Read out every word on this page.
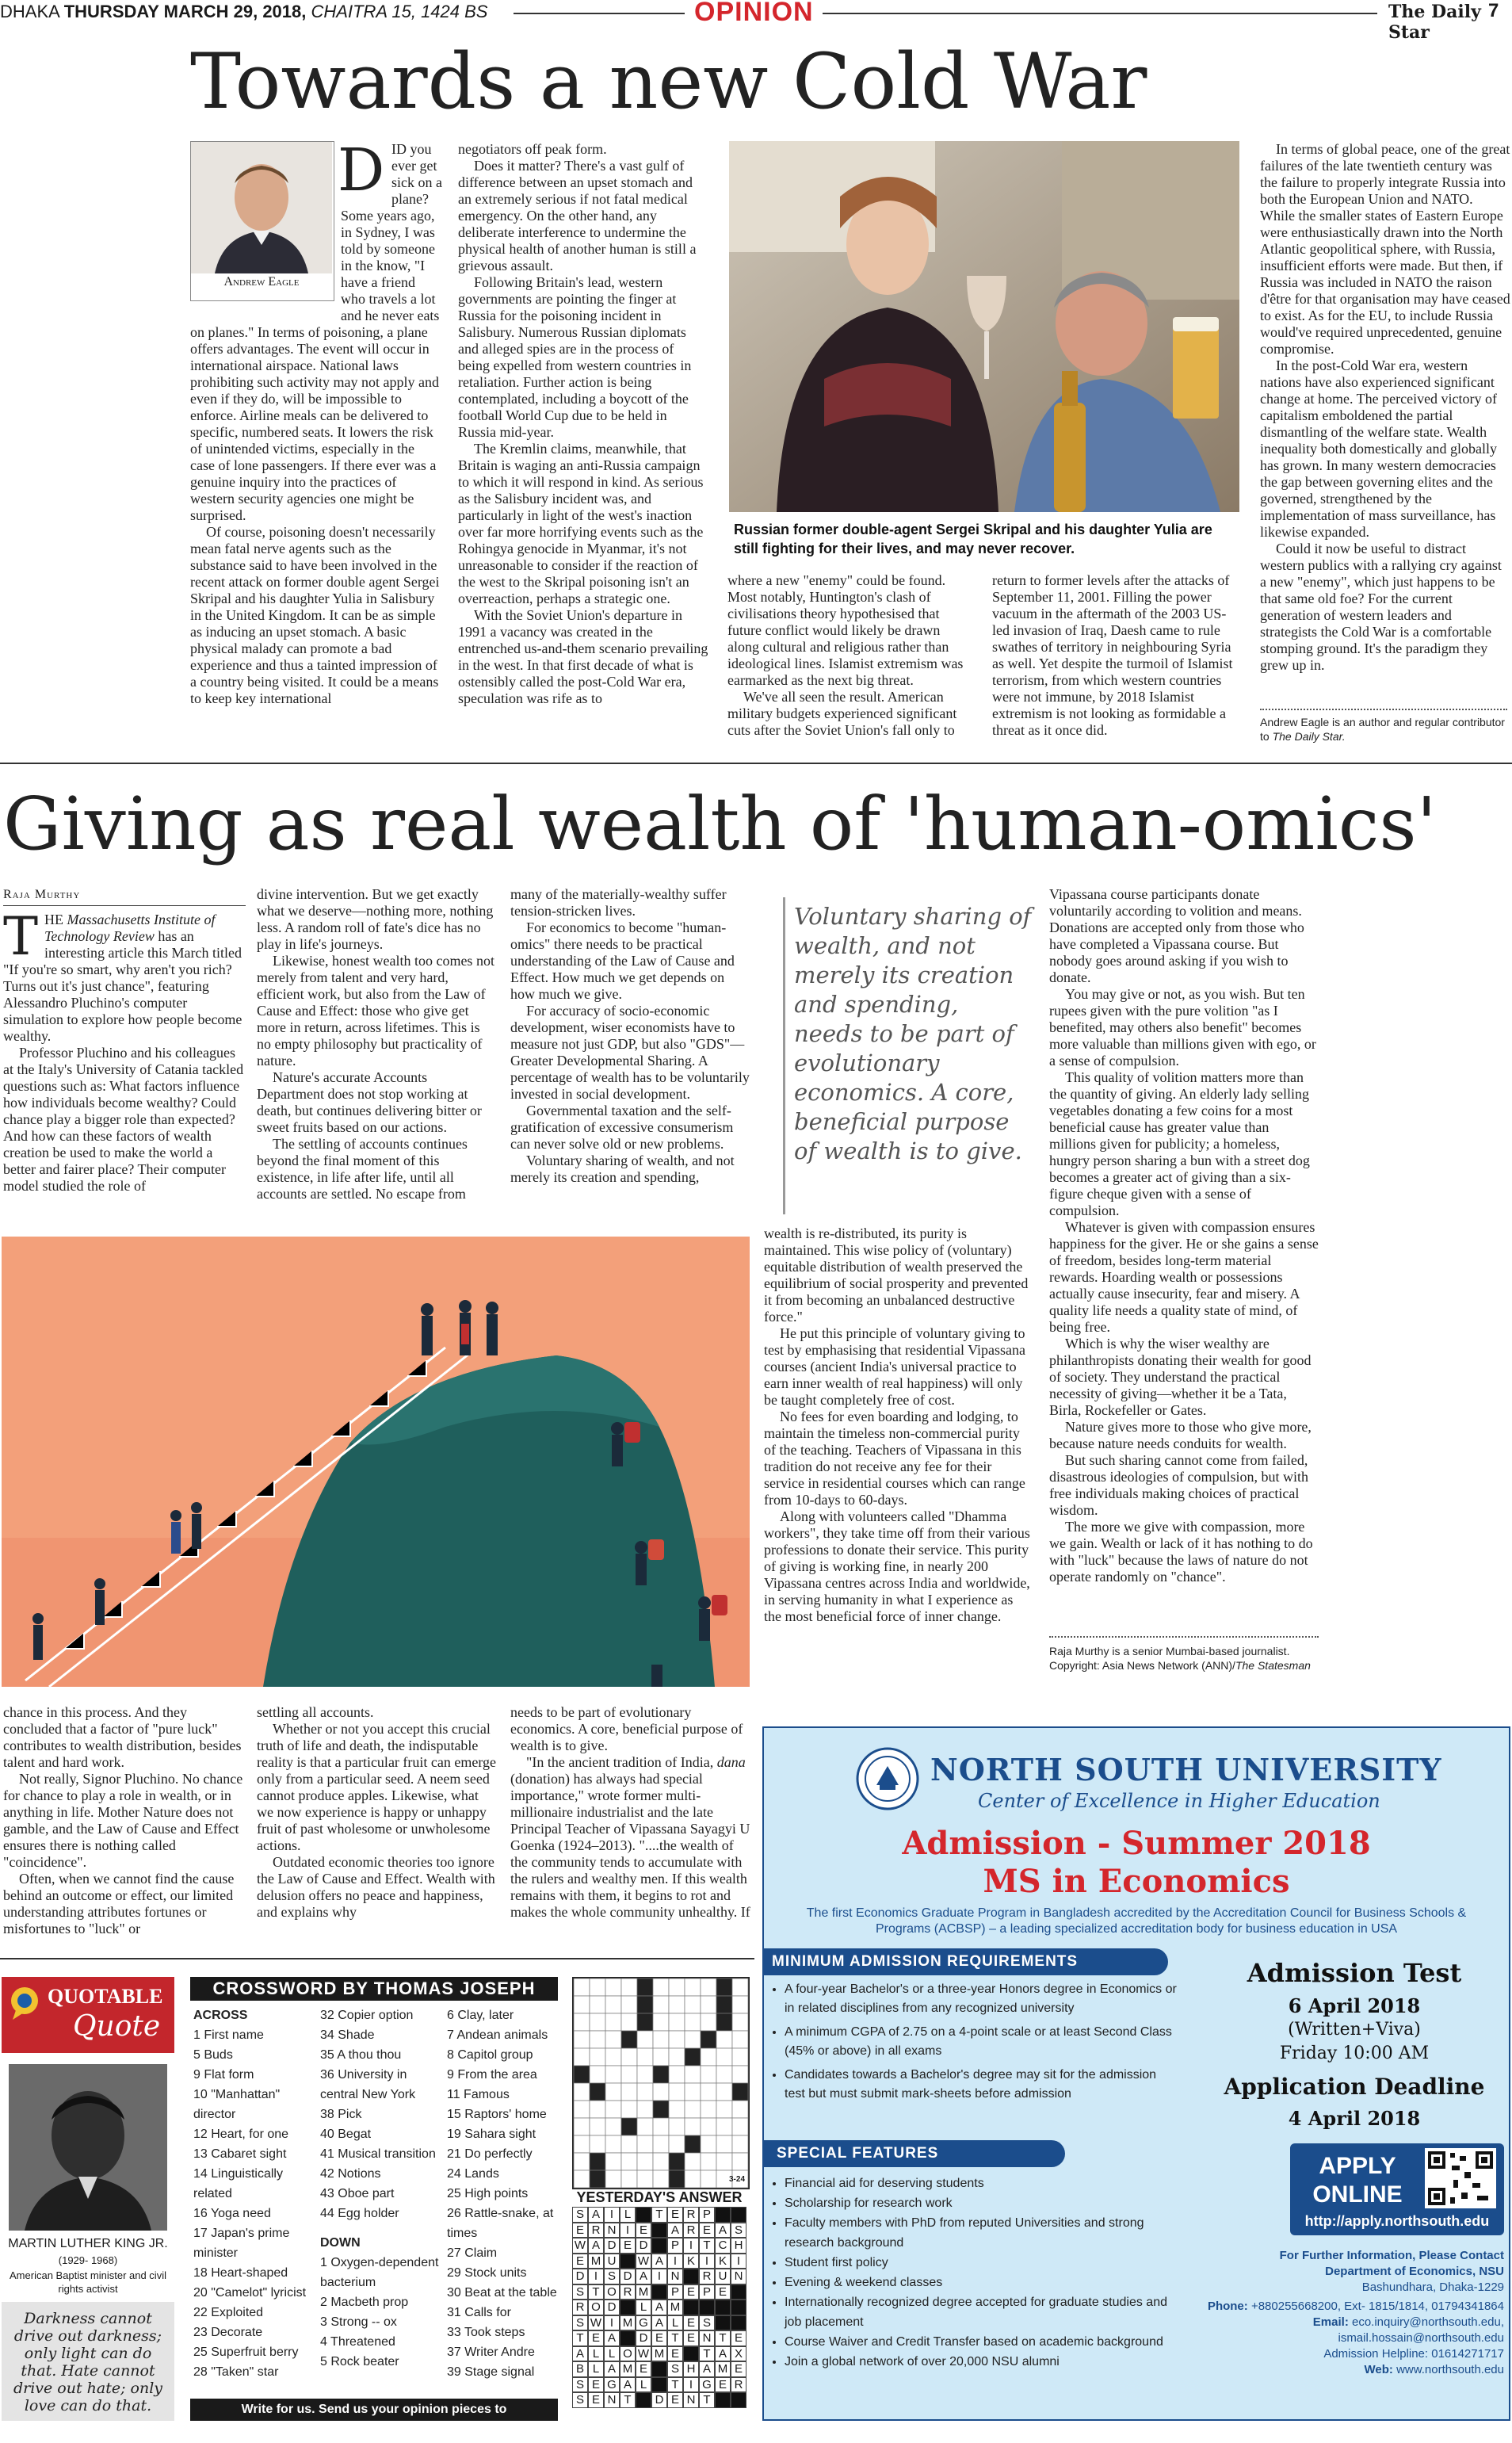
DHAKA THURSDAY MARCH 29, 2018, CHAITRA 15, 1424 BS	OPINION	The Daily Star
7
Towards a new Cold War
Andrew Eagle
D ID you ever get sick on a plane? Some years ago, in Sydney, I was told by someone in the know, "I have a friend who travels a lot and he never eats on planes." In terms of poisoning, a plane offers advantages. The event will occur in international airspace. National laws prohibiting such activity may not apply and even if they do, will be impossible to enforce. Airline meals can be delivered to specific, numbered seats. It lowers the risk of unintended victims, especially in the case of lone passengers. If there ever was a genuine inquiry into the practices of western security agencies one might be surprised.

Of course, poisoning doesn't necessarily mean fatal nerve agents such as the substance said to have been involved in the recent attack on former double agent Sergei Skripal and his daughter Yulia in Salisbury in the United Kingdom. It can be as simple as inducing an upset stomach. A basic physical malady can promote a bad experience and thus a tainted impression of a country being visited. It could be a means to keep key international

negotiators off peak form.

Does it matter? There's a vast gulf of difference between an upset stomach and an extremely serious if not fatal medical emergency. On the other hand, any deliberate interference to undermine the physical health of another human is still a grievous assault.

Following Britain's lead, western governments are pointing the finger at Russia for the poisoning incident in Salisbury. Numerous Russian diplomats and alleged spies are in the process of being expelled from western countries in retaliation. Further action is being contemplated, including a boycott of the football World Cup due to be held in Russia mid-year.

The Kremlin claims, meanwhile, that Britain is waging an anti-Russia campaign to which it will respond in kind. As serious as the Salisbury incident was, and particularly in light of the west's inaction over far more horrifying events such as the Rohingya genocide in Myanmar, it's not unreasonable to consider if the reaction of the west to the Skripal poisoning isn't an overreaction, perhaps a strategic one.

With the Soviet Union's departure in 1991 a vacancy was created in the entrenched us-and-them scenario prevailing in the west. In that first decade of what is ostensibly called the post-Cold War era, speculation was rife as to

Russian former double-agent Sergei Skripal and his daughter Yulia are still fighting for their lives, and may never recover.

where a new "enemy" could be found. Most notably, Huntington's clash of civilisations theory hypothesised that future conflict would likely be drawn along cultural and religious rather than ideological lines. Islamist extremism was earmarked as the next big threat.

We've all seen the result. American military budgets experienced significant cuts after the Soviet Union's fall only to

return to former levels after the attacks of September 11, 2001. Filling the power vacuum in the aftermath of the 2003 US-led invasion of Iraq, Daesh came to rule swathes of territory in neighbouring Syria as well. Yet despite the turmoil of Islamist terrorism, from which western countries were not immune, by 2018 Islamist extremism is not looking as formidable a threat as it once did.

In terms of global peace, one of the great failures of the late twentieth century was the failure to properly integrate Russia into both the European Union and NATO. While the smaller states of Eastern Europe were enthusiastically drawn into the North Atlantic geopolitical sphere, with Russia, insufficient efforts were made. But then, if Russia was included in NATO the raison d'être for that organisation may have ceased to exist. As for the EU, to include Russia would've required unprecedented, genuine compromise.

In the post-Cold War era, western nations have also experienced significant change at home. The perceived victory of capitalism emboldened the partial dismantling of the welfare state. Wealth inequality both domestically and globally has grown. In many western democracies the gap between governing elites and the governed, strengthened by the implementation of mass surveillance, has likewise expanded.

Could it now be useful to distract western publics with a rallying cry against a new "enemy", which just happens to be that same old foe? For the current generation of western leaders and strategists the Cold War is a comfortable stomping ground. It's the paradigm they grew up in.

Andrew Eagle is an author and regular contributor to The Daily Star.
Giving as real wealth of 'human-omics'
Raja Murthy
T HE Massachusetts Institute of Technology Review has an interesting article this March titled "If you're so smart, why aren't you rich? Turns out it's just chance", featuring Alessandro Pluchino's computer simulation to explore how people become wealthy.

Professor Pluchino and his colleagues at the Italy's University of Catania tackled questions such as: What factors influence how individuals become wealthy? Could chance play a bigger role than expected? And how can these factors of wealth creation be used to make the world a better and fairer place? Their computer model studied the role of

divine intervention. But we get exactly what we deserve—nothing more, nothing less. A random roll of fate's dice has no play in life's journeys.

Likewise, honest wealth too comes not merely from talent and very hard, efficient work, but also from the Law of Cause and Effect: those who give get more in return, across lifetimes. This is no empty philosophy but practicality of nature.

Nature's accurate Accounts Department does not stop working at death, but continues delivering bitter or sweet fruits based on our actions.

The settling of accounts continues beyond the final moment of this existence, in life after life, until all accounts are settled. No escape from

many of the materially-wealthy suffer tension-stricken lives.

For economics to become "human-omics" there needs to be practical understanding of the Law of Cause and Effect. How much we get depends on how much we give.

For accuracy of socio-economic development, wiser economists have to measure not just GDP, but also "GDS"—Greater Developmental Sharing. A percentage of wealth has to be voluntarily invested in social development.

Governmental taxation and the self-gratification of excessive consumerism can never solve old or new problems.

Voluntary sharing of wealth, and not merely its creation and spending,

Voluntary sharing of wealth, and not merely its creation and spending, needs to be part of evolutionary economics. A core, beneficial purpose of wealth is to give.

wealth is re-distributed, its purity is maintained. This wise policy of (voluntary) equitable distribution of wealth preserved the equilibrium of social prosperity and prevented it from becoming an unbalanced destructive force."

He put this principle of voluntary giving to test by emphasising that residential Vipassana courses (ancient India's universal practice to earn inner wealth of real happiness) will only be taught completely free of cost.

No fees for even boarding and lodging, to maintain the timeless non-commercial purity of the teaching. Teachers of Vipassana in this tradition do not receive any fee for their service in residential courses which can range from 10-days to 60-days.

Along with volunteers called "Dhamma workers", they take time off from their various professions to donate their service. This purity of giving is working fine, in nearly 200 Vipassana centres across India and worldwide, in serving humanity in what I experience as the most beneficial force of inner change.

Vipassana course participants donate voluntarily according to volition and means. Donations are accepted only from those who have completed a Vipassana course. But nobody goes around asking if you wish to donate.

You may give or not, as you wish. But ten rupees given with the pure volition "as I benefited, may others also benefit" becomes more valuable than millions given with ego, or a sense of compulsion.

This quality of volition matters more than the quantity of giving. An elderly lady selling vegetables donating a few coins for a most beneficial cause has greater value than millions given for publicity; a homeless, hungry person sharing a bun with a street dog becomes a greater act of giving than a six-figure cheque given with a sense of compulsion.

Whatever is given with compassion ensures happiness for the giver. He or she gains a sense of freedom, besides long-term material rewards. Hoarding wealth or possessions actually cause insecurity, fear and misery. A quality life needs a quality state of mind, of being free.

Which is why the wiser wealthy are philanthropists donating their wealth for good of society. They understand the practical necessity of giving—whether it be a Tata, Birla, Rockefeller or Gates.

Nature gives more to those who give more, because nature needs conduits for wealth.

But such sharing cannot come from failed, disastrous ideologies of compulsion, but with free individuals making choices of practical wisdom.

The more we give with compassion, more we gain. Wealth or lack of it has nothing to do with "luck" because the laws of nature do not operate randomly on "chance".

Raja Murthy is a senior Mumbai-based journalist.
Copyright: Asia News Network (ANN)/The Statesman

chance in this process. And they concluded that a factor of "pure luck" contributes to wealth distribution, besides talent and hard work.

Not really, Signor Pluchino. No chance for chance to play a role in wealth, or in anything in life. Mother Nature does not gamble, and the Law of Cause and Effect ensures there is nothing called "coincidence".

Often, when we cannot find the cause behind an outcome or effect, our limited understanding attributes fortunes or misfortunes to "luck" or

settling all accounts.

Whether or not you accept this crucial truth of life and death, the indisputable reality is that a particular fruit can emerge only from a particular seed. A neem seed cannot produce apples. Likewise, what we now experience is happy or unhappy fruit of past wholesome or unwholesome actions.

Outdated economic theories too ignore the Law of Cause and Effect. Wealth with delusion offers no peace and happiness, and explains why

needs to be part of evolutionary economics. A core, beneficial purpose of wealth is to give.

"In the ancient tradition of India, dana (donation) has always had special importance," wrote former multi-millionaire industrialist and the late Principal Teacher of Vipassana Sayagyi U Goenka (1924–2013). "....the wealth of the community tends to accumulate with the rulers and wealthy men. If this wealth remains with them, it begins to rot and makes the whole community unhealthy. If

QUOTABLE
Quote
MARTIN LUTHER KING JR.
(1929- 1968)
American Baptist minister and civil rights activist
Darkness cannot drive out darkness; only light can do that. Hate cannot drive out hate; only love can do that.
CROSSWORD BY THOMAS JOSEPH
ACROSS
1 First name
5 Buds
9 Flat form
10 "Manhattan" director
12 Heart, for one
13 Cabaret sight
14 Linguistically related
16 Yoga need
17 Japan's prime minister
18 Heart-shaped
20 "Camelot" lyricist
22 Exploited
23 Decorate
25 Superfruit berry
28 "Taken" star
32 Copier option
34 Shade
35 A thou thou
36 University in central New York
38 Pick
40 Begat
41 Musical transition
42 Notions
43 Oboe part
44 Egg holder
DOWN
1 Oxygen-dependent bacterium
2 Macbeth prop
3 Strong -- ox
4 Threatened
5 Rock beater
6 Clay, later
7 Andean animals
8 Capitol group
9 From the area
11 Famous
15 Raptors' home
19 Sahara sight
21 Do perfectly
24 Lands
25 High points
26 Rattle-snake, at times
27 Claim
29 Stock units
30 Beat at the table
31 Calls for
33 Took steps
37 Writer Andre
39 Stage signal
3-24
YESTERDAY'S ANSWER
S A I L	T E R P
E R N I E	A R E A S
W A D E D	P I T C H
E M U	W A I K I K I
D I S D A I N	R U N
S T O R M	P E P E
R O D	L A M
S W I M G A L E S
T E A	D E T E N T E
A L L O W M E	T A X
B L A M E	S H A M E
S E G A L	T I G E R
S E N T	D E N T
Write for us. Send us your opinion pieces to dsopinion@gmail.com.
NORTH SOUTH UNIVERSITY
Center of Excellence in Higher Education
Admission - Summer 2018
MS in Economics
The first Economics Graduate Program in Bangladesh accredited by the Accreditation Council for Business Schools & Programs (ACBSP) – a leading specialized accreditation body for business education in USA
MINIMUM ADMISSION REQUIREMENTS
• A four-year Bachelor's or a three-year Honors degree in Economics or in related disciplines from any recognized university
• A minimum CGPA of 2.75 on a 4-point scale or at least Second Class (45% or above) in all exams
• Candidates towards a Bachelor's degree may sit for the admission test but must submit mark-sheets before admission
SPECIAL FEATURES
• Financial aid for deserving students
• Scholarship for research work
• Faculty members with PhD from reputed Universities and strong research background
• Student first policy
• Evening & weekend classes
• Internationally recognized degree accepted for graduate studies and job placement
• Course Waiver and Credit Transfer based on academic background
• Join a global network of over 20,000 NSU alumni
Admission Test
6 April 2018
(Written+Viva)
Friday 10:00 AM
Application Deadline
4 April 2018
APPLY
ONLINE
http://apply.northsouth.edu
For Further Information, Please Contact
Department of Economics, NSU
Bashundhara, Dhaka-1229
Phone: +880255668200, Ext- 1815/1814, 01794341864
Email: eco.inquiry@northsouth.edu,
ismail.hossain@northsouth.edu
Admission Helpline: 01614271717
Web: www.northsouth.edu
